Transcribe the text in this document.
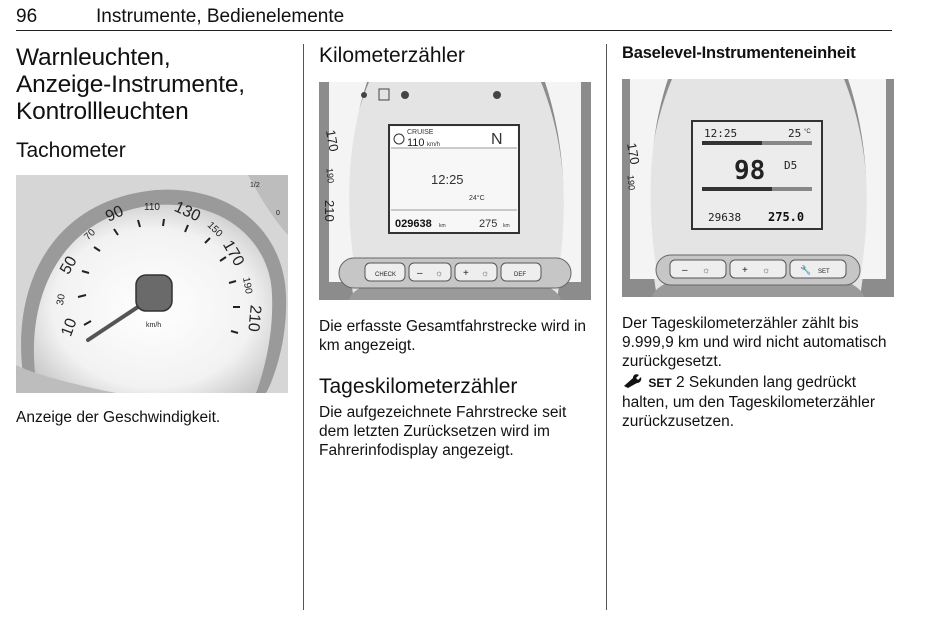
96	Instrumente, Bedienelemente
Warnleuchten,
Anzeige-Instrumente,
Kontrollleuchten
Tachometer
10
30
50
70
90 110 130
150
170
190
210
km/h
1/2
0

Anzeige der Geschwindigkeit.

Kilometerzähler
170
190
210
CRUISE
110 km/h	N
12:25
24°C
029638 km	275 km
CHECK – ☼ + ☼	DEF

Die erfasste Gesamtfahrstrecke wird in km angezeigt.

Tageskilometerzähler

Die aufgezeichnete Fahrstrecke seit dem letzten Zurücksetzen wird im Fahrerinfodisplay angezeigt.

Baselevel-Instrumenteneinheit
170
190
12:25	25 °C
98 D5
29638 275.0
– ☼	+ ☼	🔧 SET

Der Tageskilometerzähler zählt bis 9.999,9 km und wird nicht automatisch zurückgesetzt.

SET 2 Sekunden lang gedrückt halten, um den Tageskilometerzähler zurückzusetzen.
